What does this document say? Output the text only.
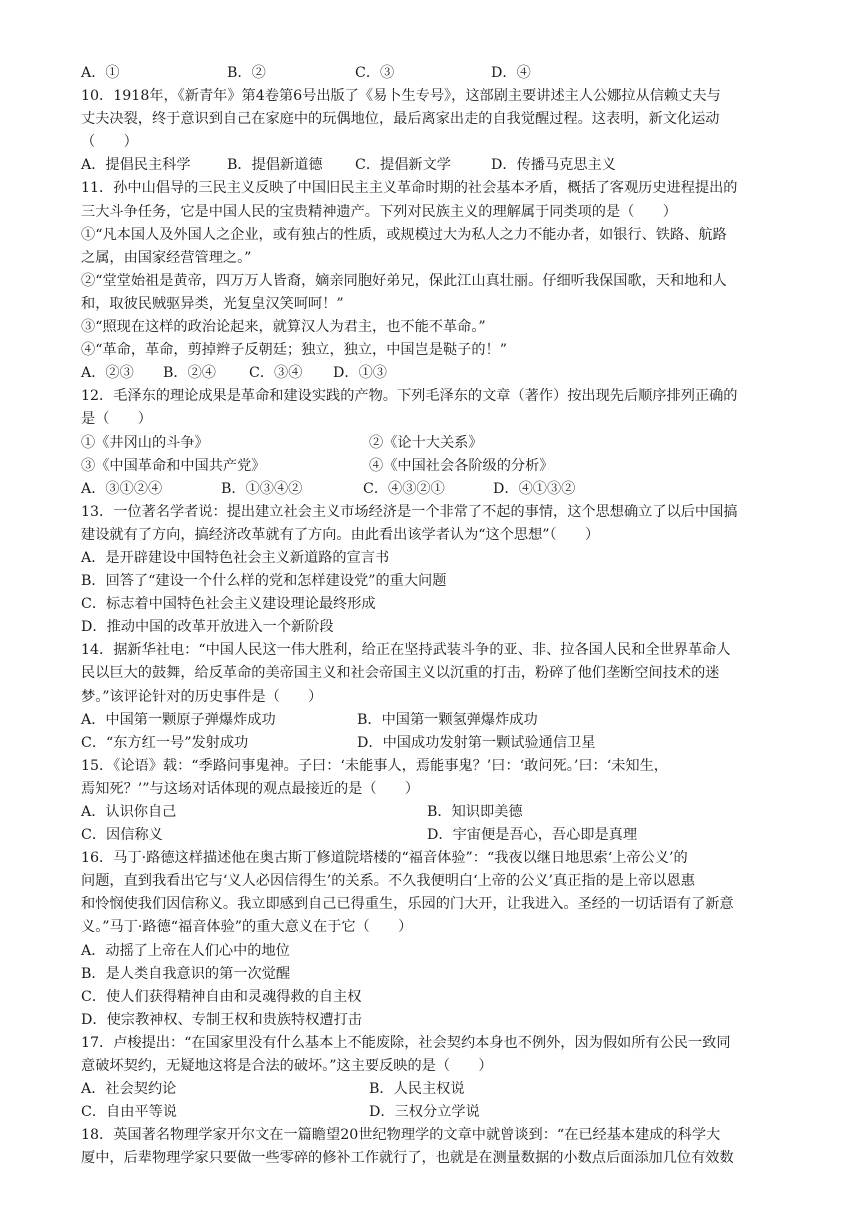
A．①	B．②	C．③	D．④
10．1918年，《新青年》第4卷第6号出版了《易卜生专号》，这部剧主要讲述主人公娜拉从信赖丈夫与
丈夫决裂，终于意识到自己在家庭中的玩偶地位，最后离家出走的自我觉醒过程。这表明，新文化运动
（　　）
A．提倡民主科学	B．提倡新道德 C．提倡新文学	D．传播马克思主义
11．孙中山倡导的三民主义反映了中国旧民主主义革命时期的社会基本矛盾，概括了客观历史进程提出的
三大斗争任务，它是中国人民的宝贵精神遗产。下列对民族主义的理解属于同类项的是（　　）
①“凡本国人及外国人之企业，或有独占的性质，或规模过大为私人之力不能办者，如银行、铁路、航路
之属，由国家经营管理之。”
②“堂堂始祖是黄帝，四万万人皆裔，嫡亲同胞好弟兄，保此江山真壮丽。仔细听我保国歌，天和地和人
和，取彼民贼驱异类，光复皇汉笑呵呵！”
③“照现在这样的政治论起来，就算汉人为君主，也不能不革命。”
④“革命，革命，剪掉辫子反朝廷；独立，独立，中国岂是鞑子的！”
A．②③ B．②④ C．③④ D．①③
12．毛泽东的理论成果是革命和建设实践的产物。下列毛泽东的文章（著作）按出现先后顺序排列正确的
是（　　）
①《井冈山的斗争》	②《论十大关系》
③《中国革命和中国共产党》	④《中国社会各阶级的分析》
A．③①②④	B．①③④②	C．④③②①	D．④①③②
13．一位著名学者说：提出建立社会主义市场经济是一个非常了不起的事情，这个思想确立了以后中国搞
建设就有了方向，搞经济改革就有了方向。由此看出该学者认为“这个思想”（　　）
A．是开辟建设中国特色社会主义新道路的宣言书
B．回答了“建设一个什么样的党和怎样建设党”的重大问题
C．标志着中国特色社会主义建设理论最终形成
D．推动中国的改革开放进入一个新阶段
14．据新华社电：“中国人民这一伟大胜利，给正在坚持武装斗争的亚、非、拉各国人民和全世界革命人
民以巨大的鼓舞，给反革命的美帝国主义和社会帝国主义以沉重的打击，粉碎了他们垄断空间技术的迷
梦。”该评论针对的历史事件是（　　）
A．中国第一颗原子弹爆炸成功	B．中国第一颗氢弹爆炸成功
C．“东方红一号”发射成功	D．中国成功发射第一颗试验通信卫星
15．《论语》载：“季路问事鬼神。子曰：‘未能事人，焉能事鬼？’曰：‘敢问死。’曰：‘未知生，
焉知死？’”与这场对话体现的观点最接近的是（　　）
A．认识你自己	B．知识即美德
C．因信称义	D．宇宙便是吾心，吾心即是真理
16．马丁·路德这样描述他在奥古斯丁修道院塔楼的“福音体验”：“我夜以继日地思索‘上帝公义’的
问题，直到我看出它与‘义人必因信得生’的关系。不久我便明白‘上帝的公义’真正指的是上帝以恩惠
和怜悯使我们因信称义。我立即感到自己已得重生，乐园的门大开，让我进入。圣经的一切话语有了新意
义。”马丁·路德“福音体验”的重大意义在于它（　　）
A．动摇了上帝在人们心中的地位
B．是人类自我意识的第一次觉醒
C．使人们获得精神自由和灵魂得救的自主权
D．使宗教神权、专制王权和贵族特权遭打击
17．卢梭提出：“在国家里没有什么基本上不能废除，社会契约本身也不例外，因为假如所有公民一致同
意破坏契约，无疑地这将是合法的破坏。”这主要反映的是（　　）
A．社会契约论	B．人民主权说
C．自由平等说	D．三权分立学说
18．英国著名物理学家开尔文在一篇瞻望20世纪物理学的文章中就曾谈到：“在已经基本建成的科学大
厦中，后辈物理学家只要做一些零碎的修补工作就行了，也就是在测量数据的小数点后面添加几位有效数
